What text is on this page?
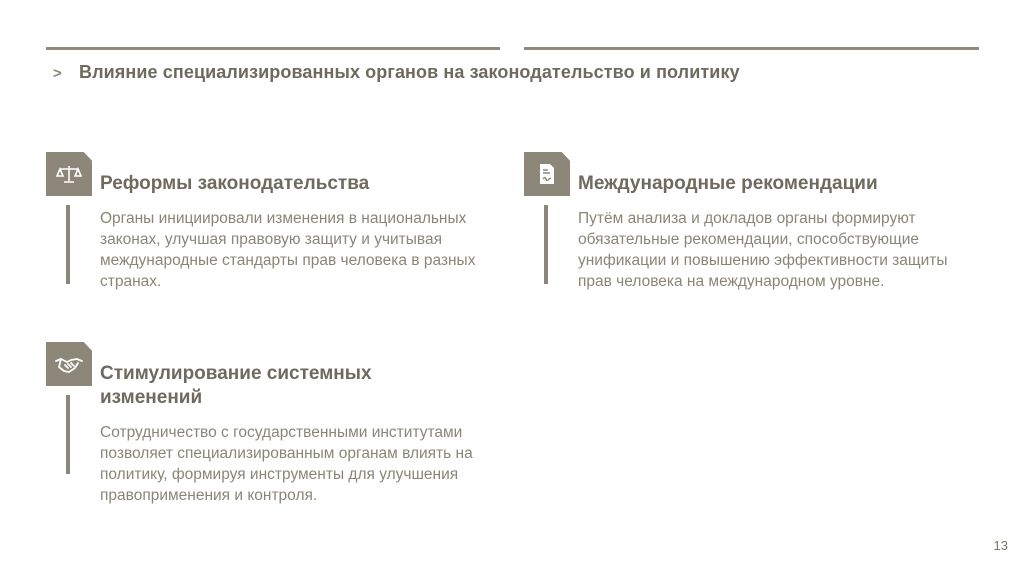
> Влияние специализированных органов на законодательство и политику
Реформы законодательства
Органы инициировали изменения в национальных законах, улучшая правовую защиту и учитывая международные стандарты прав человека в разных странах.
Международные рекомендации
Путём анализа и докладов органы формируют обязательные рекомендации, способствующие унификации и повышению эффективности защиты прав человека на международном уровне.
Стимулирование системных изменений
Сотрудничество с государственными институтами позволяет специализированным органам влиять на политику, формируя инструменты для улучшения правоприменения и контроля.
13
